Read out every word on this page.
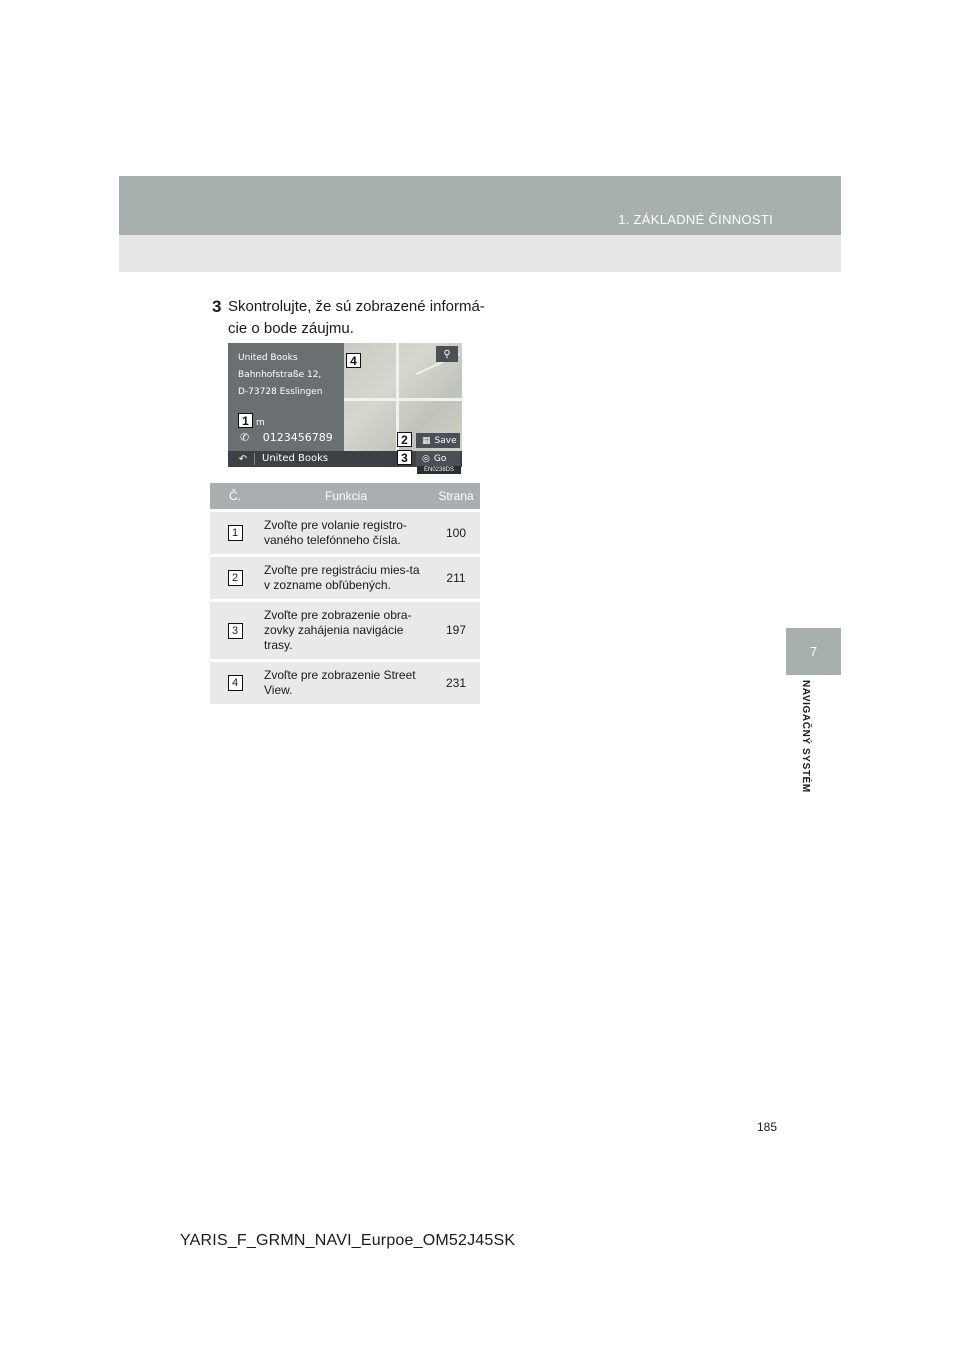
1. ZÁKLADNÉ ČINNOSTI
7
NAVIGAČNÝ SYSTÉM
3 Skontrolujte, že sú zobrazené informá-cie o bode záujmu.
United Books
Bahnhofstraße 12,
D-73728 Esslingen
m
✆ 0123456789
⚲
▦ Save
↶ United Books	◎ Go
1
2
3
4
EN0238DS
Č.	Funkcia	Strana
1	Zvoľte pre volanie registro-vaného telefónneho čísla.	100
2	Zvoľte pre registráciu mies-ta v zozname obľúbených.	211
3	Zvoľte pre zobrazenie obra-zovky zahájenia navigácie trasy.	197
4	Zvoľte pre zobrazenie Street View.	231
185
YARIS_F_GRMN_NAVI_Eurpoe_OM52J45SK
